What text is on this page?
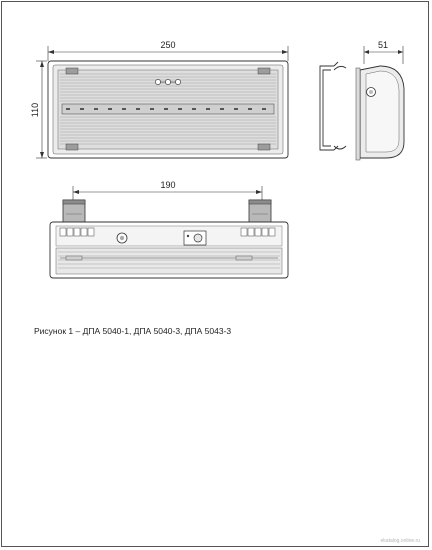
250
110
51
190
Рисунок 1 – ДПА 5040-1, ДПА 5040-3, ДПА 5043-3
ekatalog.online.ru
